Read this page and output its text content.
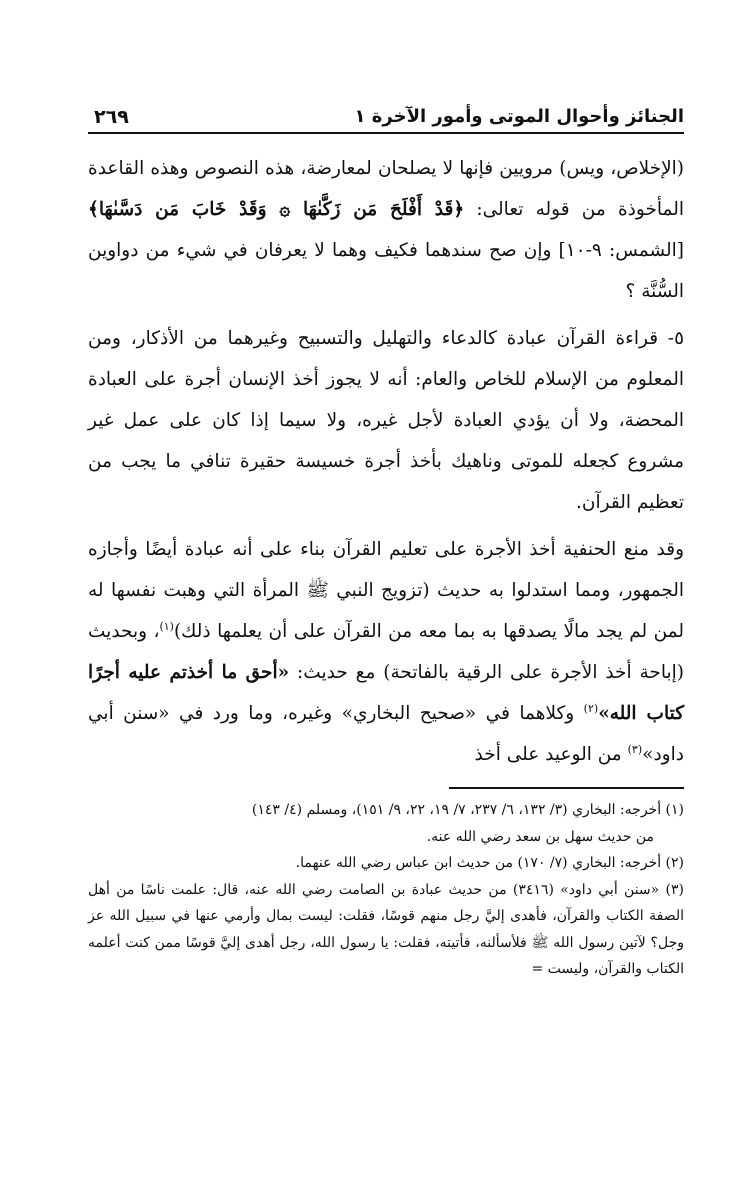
الجنائز وأحوال الموتى وأمور الآخرة ١
٢٦٩

(الإخلاص، ويس) مرويين فإنها لا يصلحان لمعارضة، هذه النصوص وهذه القاعدة المأخوذة من قوله تعالى: ﴿قَدْ أَفْلَحَ مَن زَكَّىٰهَا ۞ وَقَدْ خَابَ مَن دَسَّىٰهَا﴾ [الشمس: ٩-١٠] وإن صح سندهما فكيف وهما لا يعرفان في شيء من دواوين السُّنَّة ؟

٥- قراءة القرآن عبادة كالدعاء والتهليل والتسبيح وغيرهما من الأذكار، ومن المعلوم من الإسلام للخاص والعام: أنه لا يجوز أخذ الإنسان أجرة على العبادة المحضة، ولا أن يؤدي العبادة لأجل غيره، ولا سيما إذا كان على عمل غير مشروع كجعله للموتى وناهيك بأخذ أجرة خسيسة حقيرة تنافي ما يجب من تعظيم القرآن.

وقد منع الحنفية أخذ الأجرة على تعليم القرآن بناء على أنه عبادة أيضًا وأجازه الجمهور، ومما استدلوا به حديث (تزويج النبي ﷺ المرأة التي وهبت نفسها له لمن لم يجد مالًا يصدقها به بما معه من القرآن على أن يعلمها ذلك)$^{(١)}$، وبحديث (إباحة أخذ الأجرة على الرقية بالفاتحة) مع حديث: «أحق ما أخذتم عليه أجرًا كتاب الله»$^{(٢)}$ وكلاهما في «صحيح البخاري» وغيره، وما ورد في «سنن أبي داود»$^{(٣)}$ من الوعيد على أخذ

(١) أخرجه: البخاري (٣/ ١٣٢، ٦/ ٢٣٧، ٧/ ١٩، ٢٢، ٩/ ١٥١)، ومسلم (٤/ ١٤٣)

من حديث سهل بن سعد رضي الله عنه.

(٢) أخرجه: البخاري (٧/ ١٧٠) من حديث ابن عباس رضي الله عنهما.

(٣) «سنن أبي داود» (٣٤١٦) من حديث عبادة بن الصامت رضي الله عنه، قال: علمت ناسًا من أهل الصفة الكتاب والقرآن، فأهدى إليَّ رجل منهم قوسًا، فقلت: ليست بمال وأرمي عنها في سبيل الله عز وجل؟ لآتين رسول الله ﷺ فلأسألنه، فأتيته، فقلت: يا رسول الله، رجل أهدى إليَّ قوسًا ممن كنت أعلمه الكتاب والقرآن، وليست =
